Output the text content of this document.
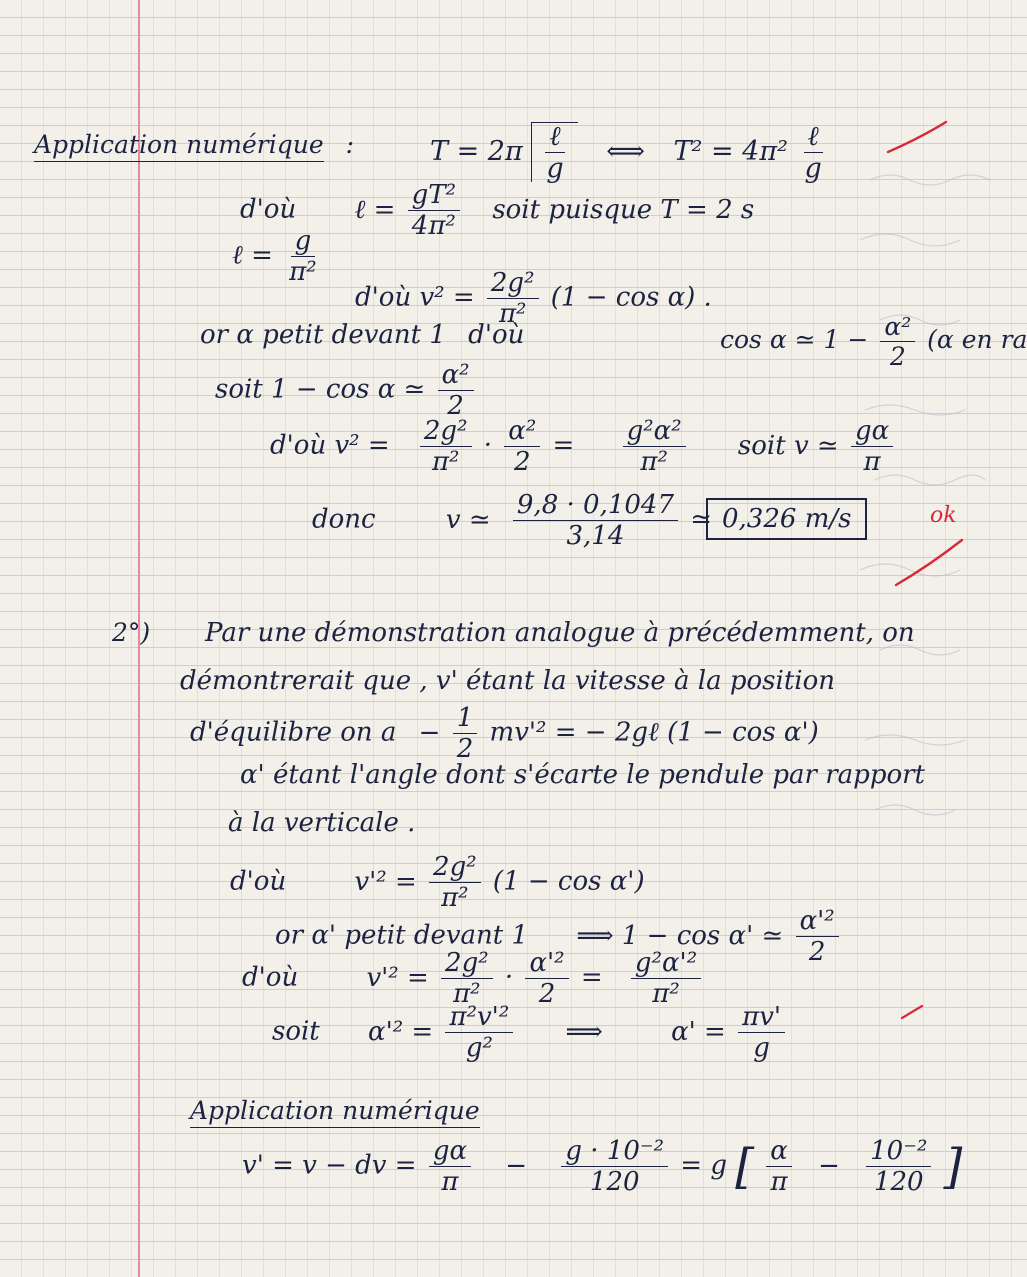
Application numérique :	$T = 2\pi \frac{\text{ℓ}}{g}$ ⟺ $T^2 = 4\pi^2 \frac{\text{ℓ}}{g}$
d'où ℓ = $\frac{\text{gT²}}{\text{4π²}}$ soit puisque T = 2 s
ℓ = $\frac{g}{\text{π²}}$
d'où $v^2 = \frac{\text{2g²}}{\text{π²}} (1 - \cos \alpha)$ .
or α petit devant 1 d'où	cos α ≃ $1 - \frac{\text{α²}}{2} (\alpha$ en ra
soit 1 − cos α ≃ $\frac{\text{α²}}{2}$
d'où $v^2 = \frac{\text{2g²}}{\text{π²}} \cdot \frac{\text{α²}}{2} = \frac{\text{g²α²}}{\text{π²}}$ soit v ≃ $\frac{g\alpha}{\pi}$
donc	v ≃ $\frac{9,8 \cdot 0,1047}{3,14}$ ≃ 0,326 m/s
2°) Par une démonstration analogue à précédemment, on
démontrerait que , v' étant la vitesse à la position
d'équilibre on $a - \frac{1}{2} mv'^2$ = − 2gℓ (1 − cos α')
α' étant l'angle dont s'écarte le pendule par rapport
à la verticale .
d'où	$v'^2 = \frac{\text{2g²}}{\text{π²}} (1 - \cos \alpha')$
or α' petit devant 1 ⟹ 1 − cos α' ≃ $\frac{\text{α'²}}{2}$
d'où	$v'^2 = \frac{\text{2g²}}{\text{π²}} \cdot \frac{\text{α'²}}{2} = \frac{\text{g²α'²}}{\text{π²}}$
soit $\alpha'^2 = \frac{\text{π²v'²}}{\text{g²}}$ ⟹	$\alpha' = \frac{\pi v'}{g}$
Application numérique
v' = v − dv = $\frac{g\alpha}{\pi} - \frac{\text{g · 10⁻²}}{120} = g$ [ $\frac{\alpha}{\pi} - \frac{\text{10⁻²}}{120}$ ]
ok
